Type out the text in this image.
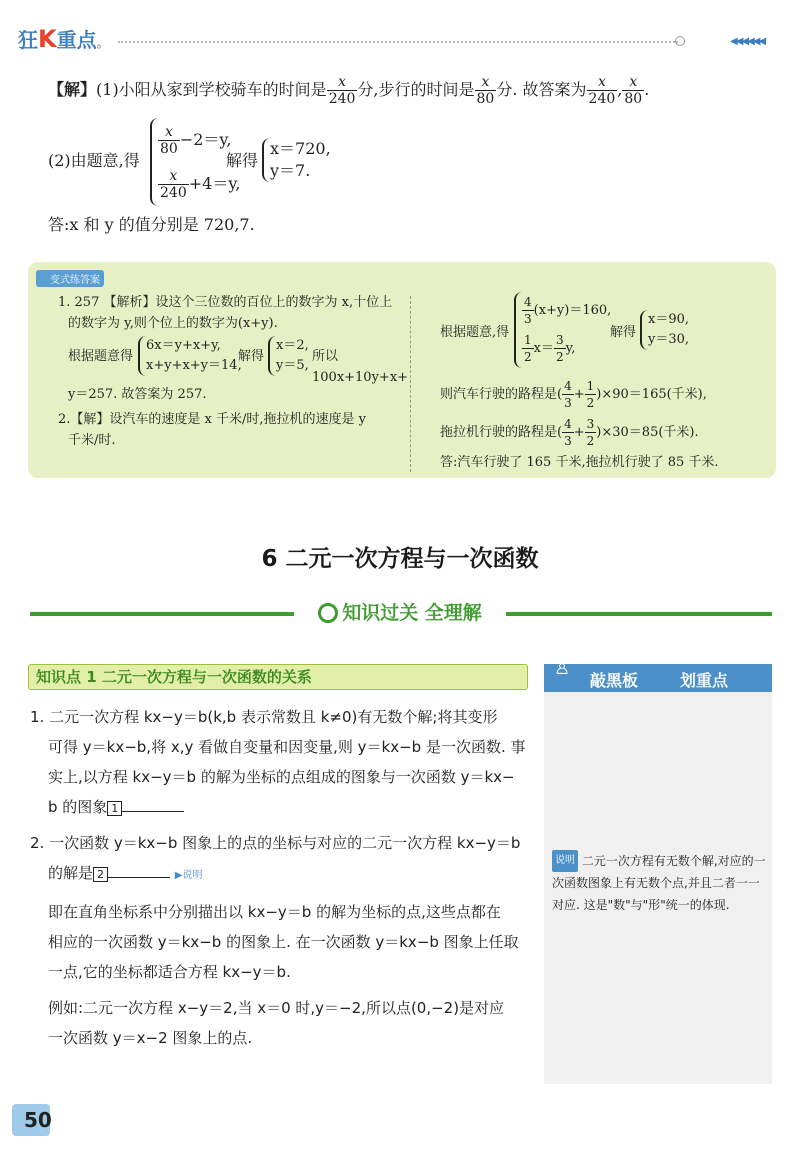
狂K重点。	◀◀◀◀◀◀
【解】(1)小阳从家到学校骑车的时间是 $\frac{x}{240}$ 分,步行的时间是 $\frac{x}{80}$ 分. 故答案为 $\frac{x}{240}$ , $\frac{x}{80}$ .
(2)由题意,得
$\frac{x}{80} -2=y$,
$\frac{x}{240} +4=y$,
解得
x＝720,
y＝7.
答:x 和 y 的值分别是 720,7.
变式练答案
1. 257 【解析】设这个三位数的百位上的数字为 x,十位上
的数字为 y,则个位上的数字为(x+y).
根据题意得
6x＝y+x+y,
x+y+x+y＝14,
解得
x＝2,
y＝5,
所以 100x+10y+x+
y＝257. 故答案为 257.
2.【解】设汽车的速度是 x 千米/时,拖拉机的速度是 y
千米/时.
根据题意,得
$\frac{4}{3} (x+y)=160$,
$\frac{1}{2} x= \frac{3}{2} y$,
解得
x＝90,
y＝30,
则汽车行驶的路程是( $\frac{4}{3} + \frac{1}{2} )\times 90=165$(千米),
拖拉机行驶的路程是( $\frac{4}{3} + \frac{3}{2} )\times 30=85$(千米).
答:汽车行驶了 165 千米,拖拉机行驶了 85 千米.
6 二元一次方程与一次函数
知识过关 全理解
知识点 1 二元一次方程与一次函数的关系
1. 二元一次方程 kx−y＝b(k,b 表示常数且 k≠0)有无数个解;将其变形
可得 y＝kx−b,将 x,y 看做自变量和因变量,则 y＝kx−b 是一次函数. 事
实上,以方程 kx−y＝b 的解为坐标的点组成的图象与一次函数 y＝kx−
b 的图象 1
2. 一次函数 y＝kx−b 图象上的点的坐标与对应的二元一次方程 kx−y＝b
的解是 2	▶说明
即在直角坐标系中分别描出以 kx−y＝b 的解为坐标的点,这些点都在
相应的一次函数 y＝kx−b 的图象上. 在一次函数 y＝kx−b 图象上任取
一点,它的坐标都适合方程 kx−y＝b.
例如:二元一次方程 x−y＝2,当 x＝0 时,y＝−2,所以点(0,−2)是对应
一次函数 y＝x−2 图象上的点.
♙
敲黑板	划重点
说明 二元一次方程有无数个解,对应的一次函数图象上有无数个点,并且二者一一对应. 这是"数"与"形"统一的体现.
50
